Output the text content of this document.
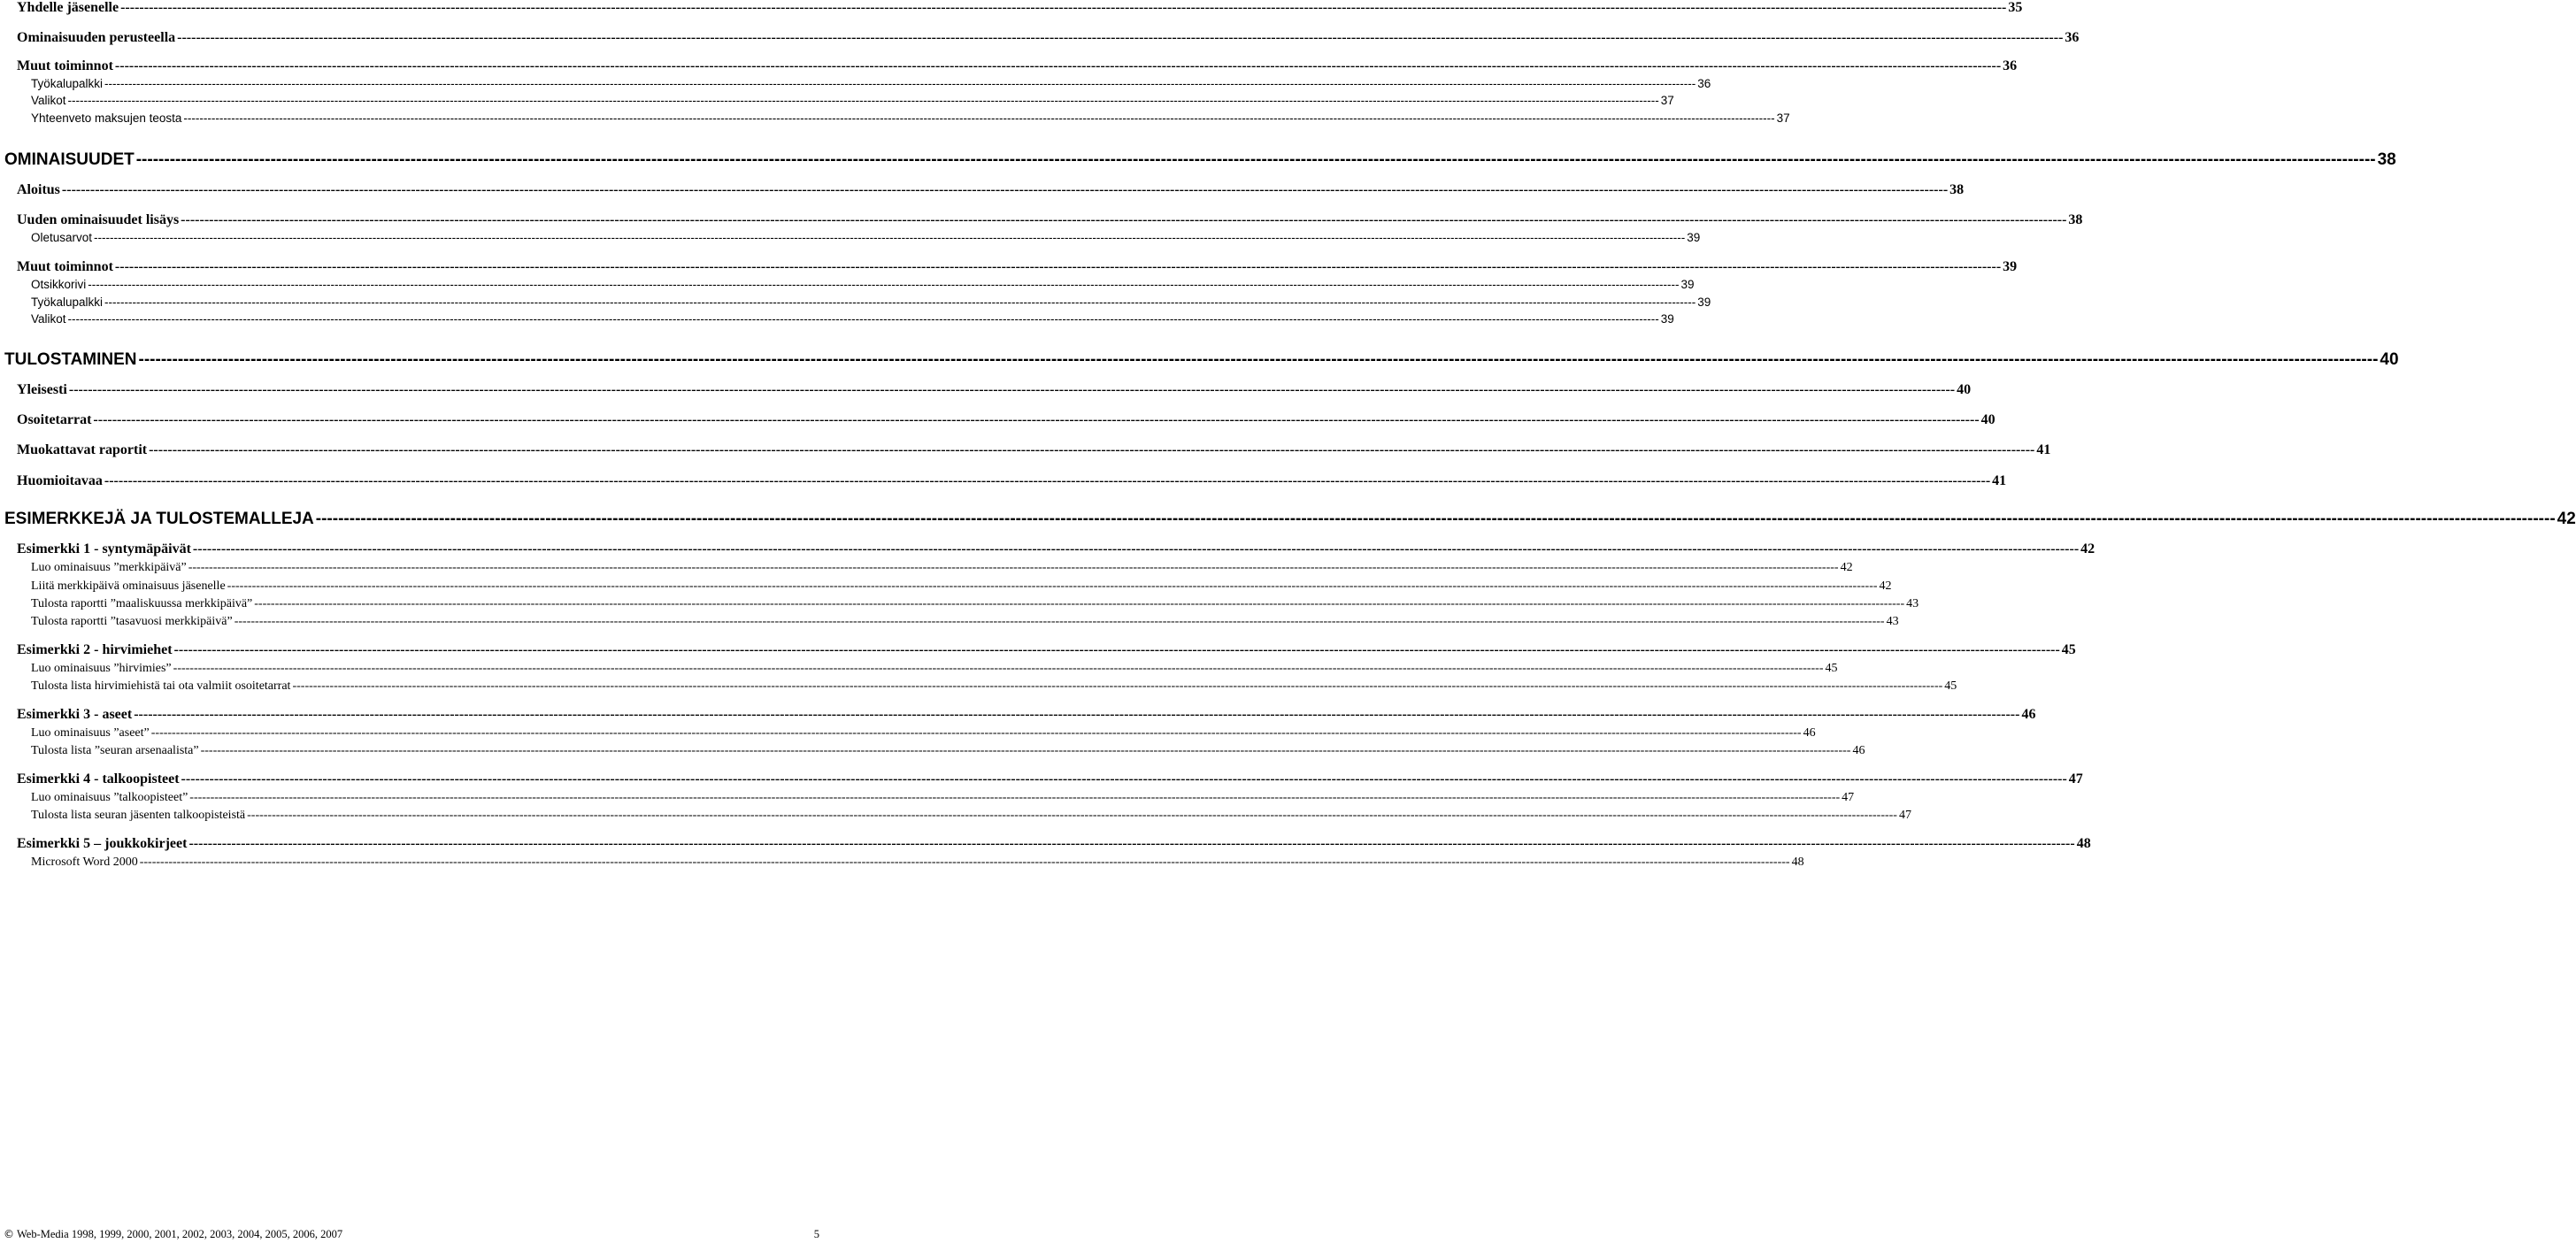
Yhdelle jäsenelle ---------------------------------------------------------------------------------------------------------------------------------------------------------------------------------------------------------------------------------------------------------------------------------------------------------------------------------------------------------------------------------------------------------------- 35
Ominaisuuden perusteella ---------------------------------------------------------------------------------------------------------------------------------------------------------------------------------------------------------------------------------------------------------------------------------------------------------------------------------------------------------------------------------------------------------------- 36
Muut toiminnot ---------------------------------------------------------------------------------------------------------------------------------------------------------------------------------------------------------------------------------------------------------------------------------------------------------------------------------------------------------------------------------------------------------------- 36
Työkalupalkki ---------------------------------------------------------------------------------------------------------------------------------------------------------------------------------------------------------------------------------------------------------------------------------------------------------------------------------------------------------------------------------------------------------------- 36
Valikot ---------------------------------------------------------------------------------------------------------------------------------------------------------------------------------------------------------------------------------------------------------------------------------------------------------------------------------------------------------------------------------------------------------------- 37
Yhteenveto maksujen teosta ---------------------------------------------------------------------------------------------------------------------------------------------------------------------------------------------------------------------------------------------------------------------------------------------------------------------------------------------------------------------------------------------------------------- 37
OMINAISUUDET ---------------------------------------------------------------------------------------------------------------------------------------------------------------------------------------------------------------------------------------------------------------------------------------------------------------------------------------------------------------------------------------------------------------- 38
Aloitus ---------------------------------------------------------------------------------------------------------------------------------------------------------------------------------------------------------------------------------------------------------------------------------------------------------------------------------------------------------------------------------------------------------------- 38
Uuden ominaisuudet lisäys ---------------------------------------------------------------------------------------------------------------------------------------------------------------------------------------------------------------------------------------------------------------------------------------------------------------------------------------------------------------------------------------------------------------- 38
Oletusarvot ---------------------------------------------------------------------------------------------------------------------------------------------------------------------------------------------------------------------------------------------------------------------------------------------------------------------------------------------------------------------------------------------------------------- 39
Muut toiminnot ---------------------------------------------------------------------------------------------------------------------------------------------------------------------------------------------------------------------------------------------------------------------------------------------------------------------------------------------------------------------------------------------------------------- 39
Otsikkorivi ---------------------------------------------------------------------------------------------------------------------------------------------------------------------------------------------------------------------------------------------------------------------------------------------------------------------------------------------------------------------------------------------------------------- 39
Työkalupalkki ---------------------------------------------------------------------------------------------------------------------------------------------------------------------------------------------------------------------------------------------------------------------------------------------------------------------------------------------------------------------------------------------------------------- 39
Valikot ---------------------------------------------------------------------------------------------------------------------------------------------------------------------------------------------------------------------------------------------------------------------------------------------------------------------------------------------------------------------------------------------------------------- 39
TULOSTAMINEN ---------------------------------------------------------------------------------------------------------------------------------------------------------------------------------------------------------------------------------------------------------------------------------------------------------------------------------------------------------------------------------------------------------------- 40
Yleisesti ---------------------------------------------------------------------------------------------------------------------------------------------------------------------------------------------------------------------------------------------------------------------------------------------------------------------------------------------------------------------------------------------------------------- 40
Osoitetarrat ---------------------------------------------------------------------------------------------------------------------------------------------------------------------------------------------------------------------------------------------------------------------------------------------------------------------------------------------------------------------------------------------------------------- 40
Muokattavat raportit ---------------------------------------------------------------------------------------------------------------------------------------------------------------------------------------------------------------------------------------------------------------------------------------------------------------------------------------------------------------------------------------------------------------- 41
Huomioitavaa ---------------------------------------------------------------------------------------------------------------------------------------------------------------------------------------------------------------------------------------------------------------------------------------------------------------------------------------------------------------------------------------------------------------- 41
ESIMERKKEJÄ JA TULOSTEMALLEJA ---------------------------------------------------------------------------------------------------------------------------------------------------------------------------------------------------------------------------------------------------------------------------------------------------------------------------------------------------------------------------------------------------------------- 42
Esimerkki 1 - syntymäpäivät ---------------------------------------------------------------------------------------------------------------------------------------------------------------------------------------------------------------------------------------------------------------------------------------------------------------------------------------------------------------------------------------------------------------- 42
Luo ominaisuus ”merkkipäivä” ---------------------------------------------------------------------------------------------------------------------------------------------------------------------------------------------------------------------------------------------------------------------------------------------------------------------------------------------------------------------------------------------------------------- 42
Liitä merkkipäivä ominaisuus jäsenelle ---------------------------------------------------------------------------------------------------------------------------------------------------------------------------------------------------------------------------------------------------------------------------------------------------------------------------------------------------------------------------------------------------------------- 42
Tulosta raportti ”maaliskuussa merkkipäivä” ---------------------------------------------------------------------------------------------------------------------------------------------------------------------------------------------------------------------------------------------------------------------------------------------------------------------------------------------------------------------------------------------------------------- 43
Tulosta raportti ”tasavuosi merkkipäivä” ---------------------------------------------------------------------------------------------------------------------------------------------------------------------------------------------------------------------------------------------------------------------------------------------------------------------------------------------------------------------------------------------------------------- 43
Esimerkki 2 - hirvimiehet ---------------------------------------------------------------------------------------------------------------------------------------------------------------------------------------------------------------------------------------------------------------------------------------------------------------------------------------------------------------------------------------------------------------- 45
Luo ominaisuus ”hirvimies” ---------------------------------------------------------------------------------------------------------------------------------------------------------------------------------------------------------------------------------------------------------------------------------------------------------------------------------------------------------------------------------------------------------------- 45
Tulosta lista hirvimiehistä tai ota valmiit osoitetarrat ---------------------------------------------------------------------------------------------------------------------------------------------------------------------------------------------------------------------------------------------------------------------------------------------------------------------------------------------------------------------------------------------------------------- 45
Esimerkki 3 - aseet ---------------------------------------------------------------------------------------------------------------------------------------------------------------------------------------------------------------------------------------------------------------------------------------------------------------------------------------------------------------------------------------------------------------- 46
Luo ominaisuus ”aseet” ---------------------------------------------------------------------------------------------------------------------------------------------------------------------------------------------------------------------------------------------------------------------------------------------------------------------------------------------------------------------------------------------------------------- 46
Tulosta lista ”seuran arsenaalista” ---------------------------------------------------------------------------------------------------------------------------------------------------------------------------------------------------------------------------------------------------------------------------------------------------------------------------------------------------------------------------------------------------------------- 46
Esimerkki 4 - talkoopisteet ---------------------------------------------------------------------------------------------------------------------------------------------------------------------------------------------------------------------------------------------------------------------------------------------------------------------------------------------------------------------------------------------------------------- 47
Luo ominaisuus ”talkoopisteet” ---------------------------------------------------------------------------------------------------------------------------------------------------------------------------------------------------------------------------------------------------------------------------------------------------------------------------------------------------------------------------------------------------------------- 47
Tulosta lista seuran jäsenten talkoopisteistä ---------------------------------------------------------------------------------------------------------------------------------------------------------------------------------------------------------------------------------------------------------------------------------------------------------------------------------------------------------------------------------------------------------------- 47
Esimerkki 5 – joukkokirjeet ---------------------------------------------------------------------------------------------------------------------------------------------------------------------------------------------------------------------------------------------------------------------------------------------------------------------------------------------------------------------------------------------------------------- 48
Microsoft Word 2000 ---------------------------------------------------------------------------------------------------------------------------------------------------------------------------------------------------------------------------------------------------------------------------------------------------------------------------------------------------------------------------------------------------------------- 48
© Web-Media 1998, 1999, 2000, 2001, 2002, 2003, 2004, 2005, 2006, 2007	5
